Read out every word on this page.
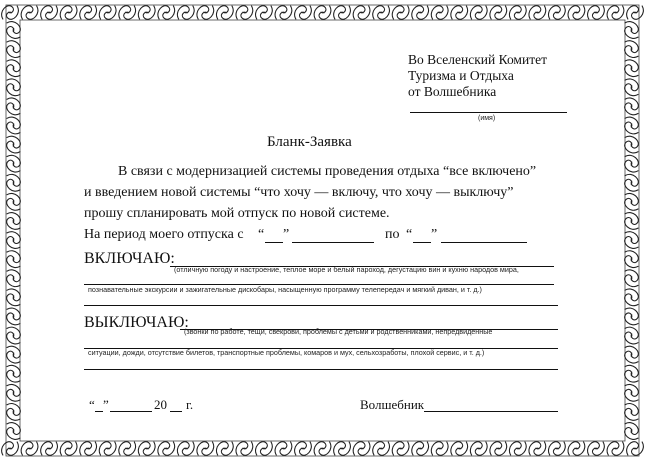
Во Вселенский Комитет
Туризма и Отдыха
от Волшебника
(имя)
Бланк-Заявка
В связи с модернизацией системы проведения отдыха “все включено”
и введением новой системы “что хочу — включу, что хочу — выключу”
прошу спланировать мой отпуск по новой системе.
На период моего отпуска с “ ”	по “ ”
ВКЛЮЧАЮ:
(отличную погоду и настроение, теплое море и белый пароход, дегустацию вин и кухню народов мира,
познавательные экскурсии и зажигательные дискобары, насыщенную программу телепередач и мягкий диван, и т. д.)
ВЫКЛЮЧАЮ:
(звонки по работе, тещи, свекрови, проблемы с детьми и родственниками, непредвиденные
ситуации, дожди, отсутствие билетов, транспортные проблемы, комаров и мух, сельхозработы, плохой сервис, и т. д.)
“ ”	20 г.	Волшебник
